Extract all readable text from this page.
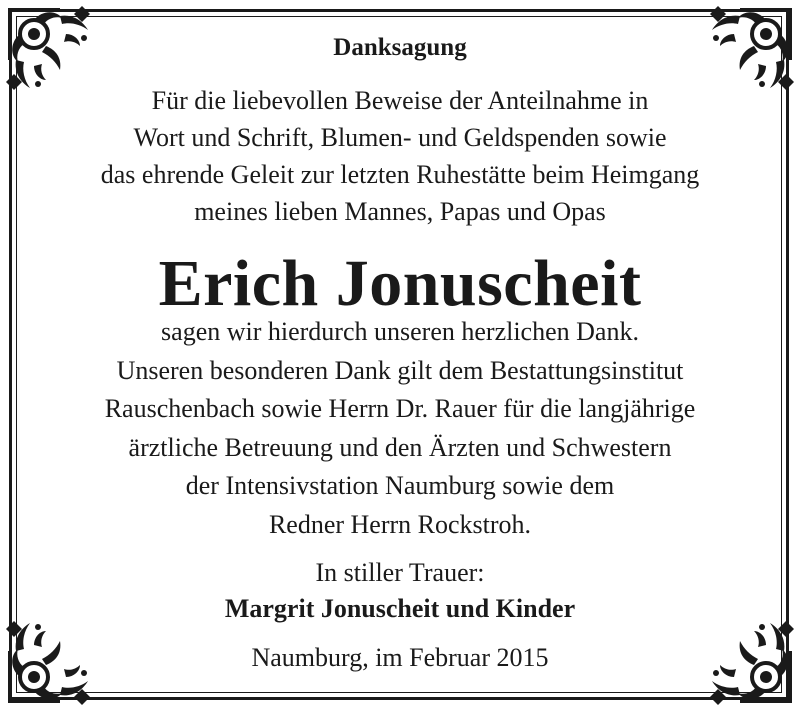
Danksagung
Für die liebevollen Beweise der Anteilnahme in
Wort und Schrift, Blumen- und Geldspenden sowie
das ehrende Geleit zur letzten Ruhestätte beim Heimgang
meines lieben Mannes, Papas und Opas
Erich Jonuscheit
sagen wir hierdurch unseren herzlichen Dank.
Unseren besonderen Dank gilt dem Bestattungsinstitut
Rauschenbach sowie Herrn Dr. Rauer für die langjährige
ärztliche Betreuung und den Ärzten und Schwestern
der Intensivstation Naumburg sowie dem
Redner Herrn Rockstroh.
In stiller Trauer:
Margrit Jonuscheit und Kinder
Naumburg, im Februar 2015
